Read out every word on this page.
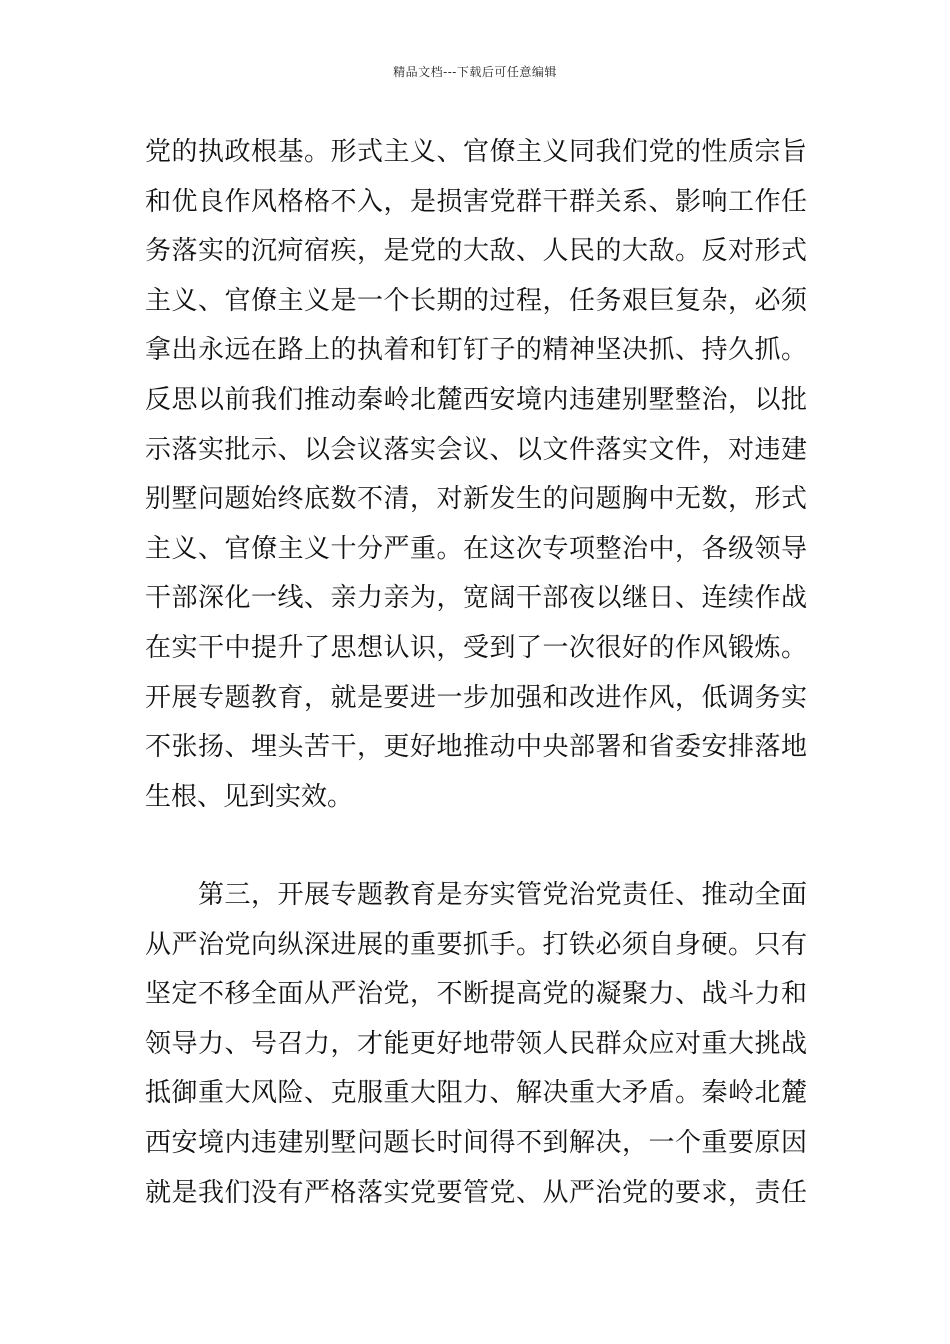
精品文档---下载后可任意编辑
党的执政根基。形式主义、官僚主义同我们党的性质宗旨
和优良作风格格不入，是损害党群干群关系、影响工作任
务落实的沉疴宿疾，是党的大敌、人民的大敌。反对形式
主义、官僚主义是一个长期的过程，任务艰巨复杂，必须
拿出永远在路上的执着和钉钉子的精神坚决抓、持久抓。
反思以前我们推动秦岭北麓西安境内违建别墅整治，以批
示落实批示、以会议落实会议、以文件落实文件，对违建
别墅问题始终底数不清，对新发生的问题胸中无数，形式
主义、官僚主义十分严重。在这次专项整治中，各级领导
干部深化一线、亲力亲为，宽阔干部夜以继日、连续作战
在实干中提升了思想认识，受到了一次很好的作风锻炼。
开展专题教育，就是要进一步加强和改进作风，低调务实
不张扬、埋头苦干，更好地推动中央部署和省委安排落地
生根、见到实效。
　　第三，开展专题教育是夯实管党治党责任、推动全面
从严治党向纵深进展的重要抓手。打铁必须自身硬。只有
坚定不移全面从严治党，不断提高党的凝聚力、战斗力和
领导力、号召力，才能更好地带领人民群众应对重大挑战
抵御重大风险、克服重大阻力、解决重大矛盾。秦岭北麓
西安境内违建别墅问题长时间得不到解决，一个重要原因
就是我们没有严格落实党要管党、从严治党的要求，责任
